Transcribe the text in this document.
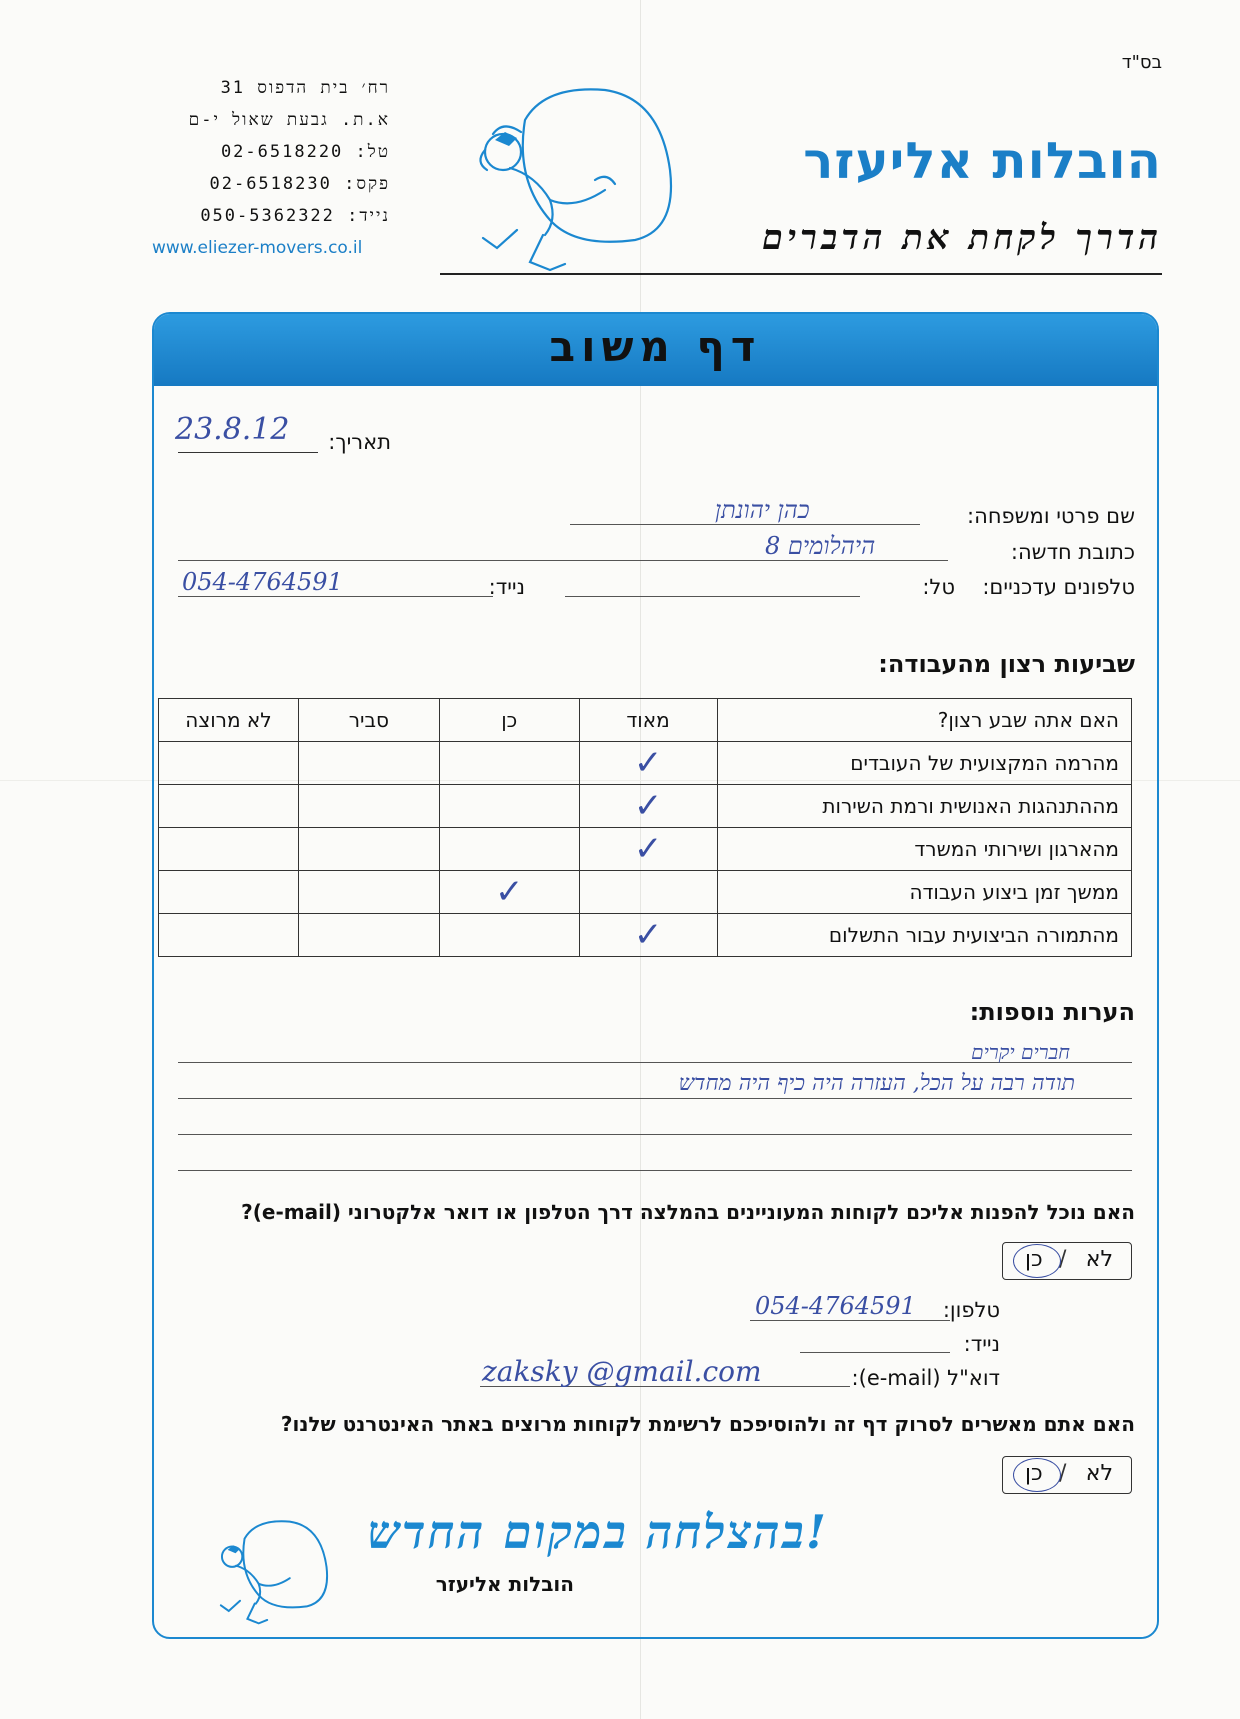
בס"ד
רח׳ בית הדפוס 31
א.ת. גבעת שאול י-ם
טל: 02-6518220
פקס: 02-6518230
נייד: 050-5362322
www.eliezer-movers.co.il
הובלות אליעזר
הדרך לקחת את הדברים
דף משוב
תאריך:
23.8.12
שם פרטי ומשפחה:
כהן יהונתן
כתובת חדשה:
היהלומים 8
טלפונים עדכניים:
טל:
נייד:
054-4764591
שביעות רצון מהעבודה:
האם אתה שבע רצון?	מאוד	כן	סביר	לא מרוצה
מהרמה המקצועית של העובדים	✓			
מההתנהגות האנושית ורמת השירות	✓			
מהארגון ושירותי המשרד	✓			
ממשך זמן ביצוע העבודה		✓		
מהתמורה הביצועית עבור התשלום	✓			
הערות נוספות:
חברים יקרים
תודה רבה על הכל, העזרה היה כיף היה מחדש
האם נוכל להפנות אליכם לקוחות המעוניינים בהמלצה דרך הטלפון או דואר אלקטרוני (e-mail)?
לא
/
כן
טלפון:
054-4764591
נייד:
דוא"ל (e-mail):
zaksky @gmail.com
האם אתם מאשרים לסרוק דף זה ולהוסיפכם לרשימת לקוחות מרוצים באתר האינטרנט שלנו?
לא
/
כן
!בהצלחה במקום החדש
הובלות אליעזר
